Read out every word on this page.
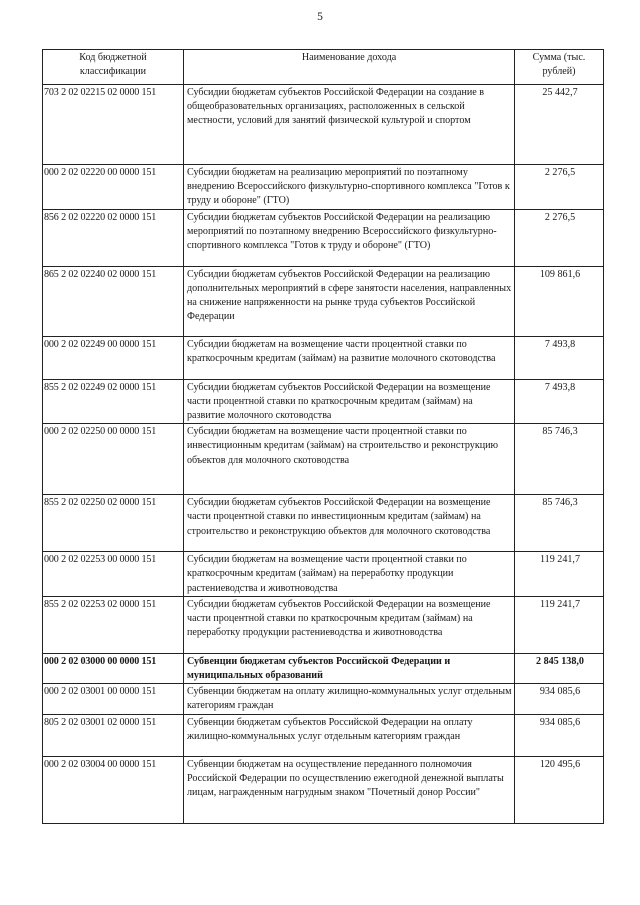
5
Код бюджетной классификации	Наименование дохода	Сумма (тыс. рублей)
703 2 02 02215 02 0000 151	Субсидии бюджетам субъектов Российской Федерации на создание в общеобразовательных организациях, расположенных в сельской местности, условий для занятий физической культурой и спортом	25 442,7
000 2 02 02220 00 0000 151	Субсидии бюджетам на реализацию мероприятий по поэтапному внедрению Всероссийского физкультурно-спортивного комплекса "Готов к труду и обороне" (ГТО)	2 276,5
856 2 02 02220 02 0000 151	Субсидии бюджетам субъектов Российской Федерации на реализацию мероприятий по поэтапному внедрению Всероссийского физкультурно-спортивного комплекса "Готов к труду и обороне" (ГТО)	2 276,5
865 2 02 02240 02 0000 151	Субсидии бюджетам субъектов Российской Федерации на реализацию дополнительных мероприятий в сфере занятости населения, направленных на снижение напряженности на рынке труда субъектов Российской Федерации	109 861,6
000 2 02 02249 00 0000 151	Субсидии бюджетам на возмещение части процентной ставки по краткосрочным кредитам (займам) на развитие молочного скотоводства	7 493,8
855 2 02 02249 02 0000 151	Субсидии бюджетам субъектов Российской Федерации на возмещение части процентной ставки по краткосрочным кредитам (займам) на развитие молочного скотоводства	7 493,8
000 2 02 02250 00 0000 151	Субсидии бюджетам на возмещение части процентной ставки по инвестиционным кредитам (займам) на строительство и реконструкцию объектов для молочного скотоводства	85 746,3
855 2 02 02250 02 0000 151	Субсидии бюджетам субъектов Российской Федерации на возмещение части процентной ставки по инвестиционным кредитам (займам) на строительство и реконструкцию объектов для молочного скотоводства	85 746,3
000 2 02 02253 00 0000 151	Субсидии бюджетам на возмещение части процентной ставки по краткосрочным кредитам (займам) на переработку продукции растениеводства и животноводства	119 241,7
855 2 02 02253 02 0000 151	Субсидии бюджетам субъектов Российской Федерации на возмещение части процентной ставки по краткосрочным кредитам (займам) на переработку продукции растениеводства и животноводства	119 241,7
000 2 02 03000 00 0000 151	Субвенции бюджетам субъектов Российской Федерации и муниципальных образований	2 845 138,0
000 2 02 03001 00 0000 151	Субвенции бюджетам на оплату жилищно-коммунальных услуг отдельным категориям граждан	934 085,6
805 2 02 03001 02 0000 151	Субвенции бюджетам субъектов Российской Федерации на оплату жилищно-коммунальных услуг отдельным категориям граждан	934 085,6
000 2 02 03004 00 0000 151	Субвенции бюджетам на осуществление переданного полномочия Российской Федерации по осуществлению ежегодной денежной выплаты лицам, награжденным нагрудным знаком "Почетный донор России"	120 495,6
